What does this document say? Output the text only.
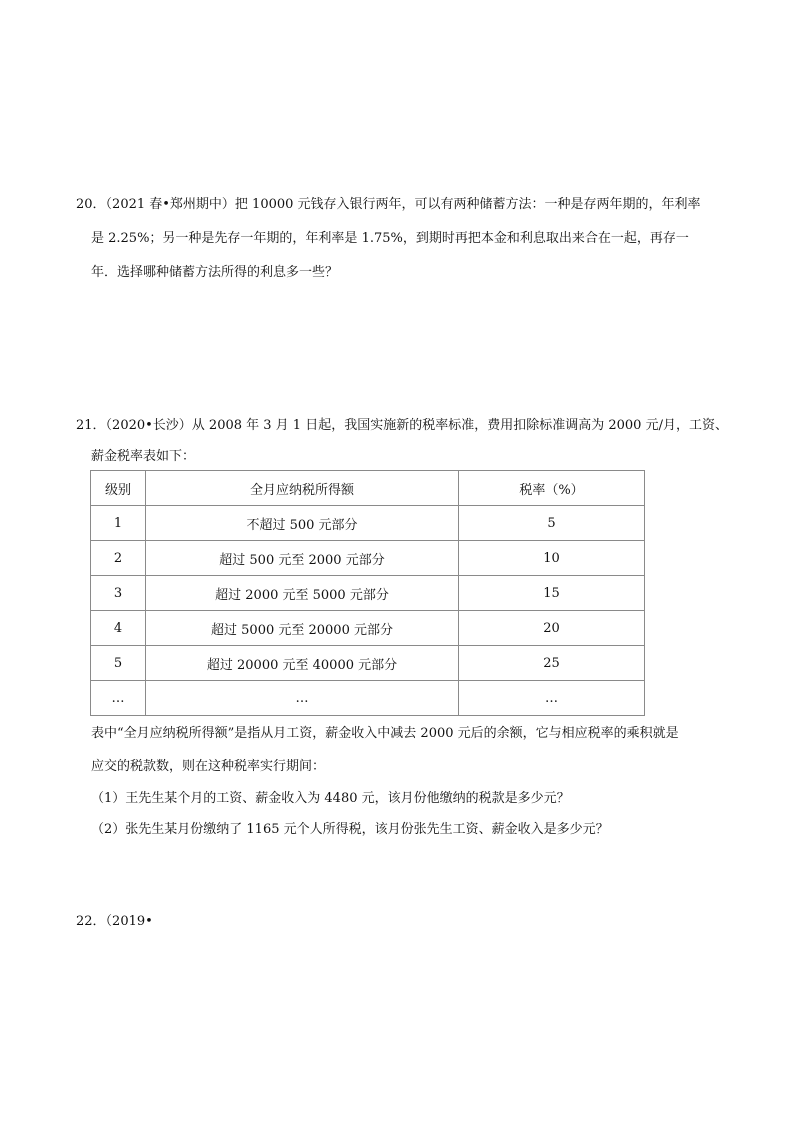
20．（2021 春•郑州期中）把 10000 元钱存入银行两年，可以有两种储蓄方法：一种是存两年期的，年利率
是 2.25%；另一种是先存一年期的，年利率是 1.75%，到期时再把本金和利息取出来合在一起，再存一
年．选择哪种储蓄方法所得的利息多一些？
21．（2020•长沙）从 2008 年 3 月 1 日起，我国实施新的税率标准，费用扣除标准调高为 2000 元/月，工资、
薪金税率表如下：
级别	全月应纳税所得额	税率（%）
1	不超过 500 元部分	5
2	超过 500 元至 2000 元部分	10
3	超过 2000 元至 5000 元部分	15
4	超过 5000 元至 20000 元部分	20
5	超过 20000 元至 40000 元部分	25
…	…	…
表中“全月应纳税所得额”是指从月工资，薪金收入中减去 2000 元后的余额，它与相应税率的乘积就是
应交的税款数，则在这种税率实行期间：
（1）王先生某个月的工资、薪金收入为 4480 元，该月份他缴纳的税款是多少元？
（2）张先生某月份缴纳了 1165 元个人所得税，该月份张先生工资、薪金收入是多少元？
22．（2019•
